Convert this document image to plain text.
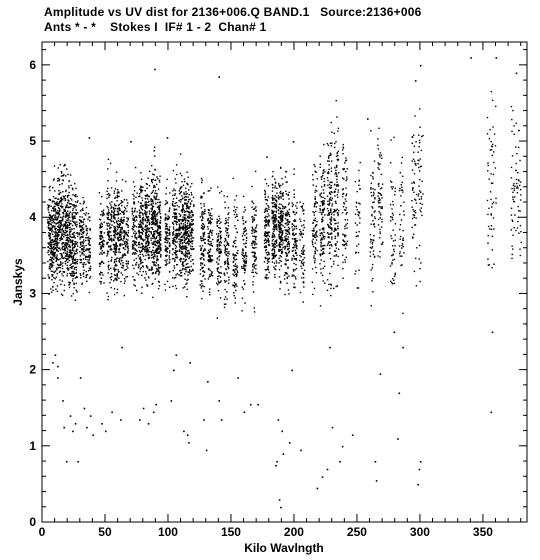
Amplitude vs UV dist for 2136+006.Q BAND.1   Source:2136+006
Ants * - *    Stokes I  IF# 1 - 2  Chan# 1
0	50	100	150	200	250	300	350
0
1
2
3
4
5
6
Kilo Wavlngth
Janskys
